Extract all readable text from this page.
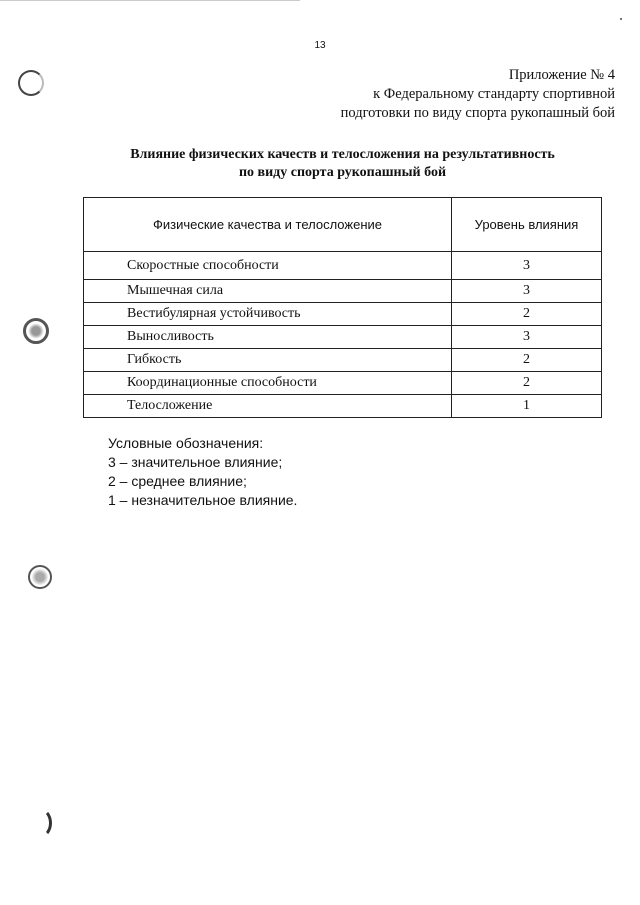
13
Приложение № 4
к Федеральному стандарту спортивной
подготовки по виду спорта рукопашный бой
Влияние физических качеств и телосложения на результативность
по виду спорта рукопашный бой
Физические качества и телосложение	Уровень влияния
Скоростные способности	3
Мышечная сила	3
Вестибулярная устойчивость	2
Выносливость	3
Гибкость	2
Координационные способности	2
Телосложение	1
Условные обозначения:
3 – значительное влияние;
2 – среднее влияние;
1 – незначительное влияние.
